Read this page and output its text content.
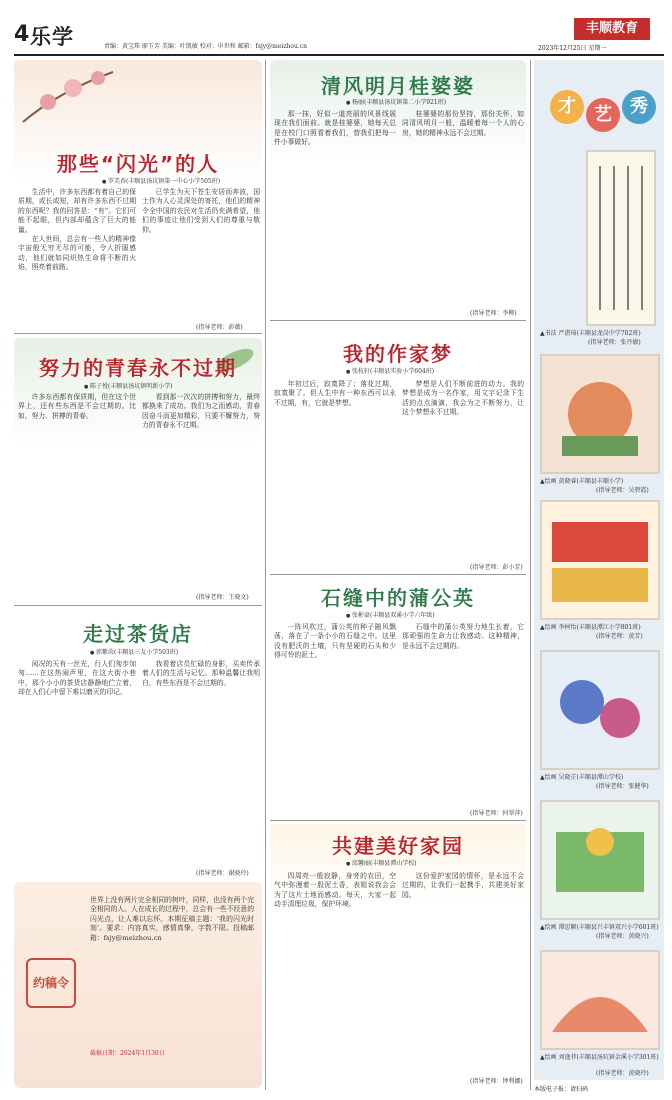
4 乐学	责编：黄宝珠 廖玉芳 美编：叶凯敏 校对：申世和 邮箱：fsjy@meizhou.cn
丰顺教育
2023年12月25日 星期一
那些“闪光”的人
● 罗美杏(丰顺县汤坑镇第一中心小学505班)

生活中，许多东西都有着自己的保质期，或长或短，却有许多东西不过期的东西呢？我的回答是：“有”。它们可能不起眼，但内部却蕴含了巨大的能量。

在人世间，总会有一些人的精神像宇宙般无穷无尽的可能，令人折服感动，他们就如同炽热生命将不断的火焰，照亮着前路。

已学生为天下苍生安居而奔波，国土作为人心灵深处的寄托，他们的精神令全中国的农民对生活仍充满希望，他们的事迹让他们受到人们的尊重与敬仰。

(指导老师：彭薇)
努力的青春永不过期
● 陈子悦(丰顺县汤坑镇明新小学)

许多东西都有保质期，但在这个世界上，还有些东西是不会过期的。比如，努力、拼搏的青春。

看到那一次次的拼搏和努力，最终都换来了成功。我们为之而感动，青春因奋斗而更加精彩，只要不懈努力，努力的青春永不过期。

(指导老师：王晓文)
走过茶货店
● 郭紫茵(丰顺县三友小学503班)

闲况的天有一丝光，行人们匆步加匆……在这热闹声里，在这大街小巷中，那个小小的茶货店静静地伫立着，却在人们心中留下难以磨灭的印记。

我看着店员忙碌的身影，买卖传承着人们的生活与记忆。那种温馨让我明白，有些东西是不会过期的。

(指导老师：谢晓玲)
约稿令
世界上没有两片完全相同的树叶，同样，也没有两个完全相同的人。人在成长的过程中，总会有一些不经意的闪光点，让人难以忘怀。本期征稿主题：‘我的闪光时刻’。要求：内容真实，感情真挚，字数不限。投稿邮箱：fsjy@meizhou.cn
截稿日期：2024年1月30日
清风明月桂婆婆
● 杨丽(丰顺县汤坑镇第二小学921班)

那一抹，好似一道亮丽的风景线展现在我们面前。就是桂婆婆，她每天总是在校门口照看着我们，替我们把每一件小事做好。

桂婆婆的那份坚持，那份关怀，如同清风明月一般，温暖着每一个人的心房，她的精神永远不会过期。

(指导老师：李柳)
我的作家梦
● 张杭轩(丰顺县实验小学604班)

年初过后，寂寞降了；落花过期，寂寞聚了。但人生中有一种东西可以永不过期，有，它就是梦想。

梦想是人们不断前进的动力。我的梦想是成为一名作家，用文字记录下生活的点点滴滴，我会为之不断努力，让这个梦想永不过期。

(指导老师：彭小芳)
石缝中的蒲公英
● 张彬豪(丰顺县双溪小学六年级)

一阵风吹过，蒲公英的种子随风飘荡，落在了一条小小的石缝之中。这里没有肥沃的土壤，只有坚硬的石头和少得可怜的泥土。

石缝中的蒲公英努力地生长着，它那顽强的生命力让我感动。这种精神，是永远不会过期的。

(指导老师：何翠萍)
共建美好家园
● 邱馨丽(丰顺县潭山学校)

四周亮一般寂静，身旁的农田，空气中弥漫着一股泥土香，表姐说我会会为了这片土地而感动。每天，大家一起动手清理垃圾，保护环境。

这份爱护家园的情怀，是永远不会过期的，让我们一起携手，共建美好家园。

(指导老师：钟利娜)
才	艺	秀
▲书法 严湛琦(丰顺县龙岗中学702班)
(指导老师：张丹敏)
▲绘画 黄晓睿(丰顺县丰顺小学)
(指导老师：吴碧霞)
▲绘画 李柯怡(丰顺县潭江小学801班)
(指导老师：黄芳)
▲绘画 吴晓芷(丰顺县潭山学校)
(指导老师：张健华)
▲绘画 谭思颖(丰顺县兴丰镇双兴小学601班)
(指导老师：黄晓兴)
▲绘画 刘逸菲(丰顺县汤坑镇金溪小学301班)
(指导老师：黄晓玲)
本版电子报：请扫码
